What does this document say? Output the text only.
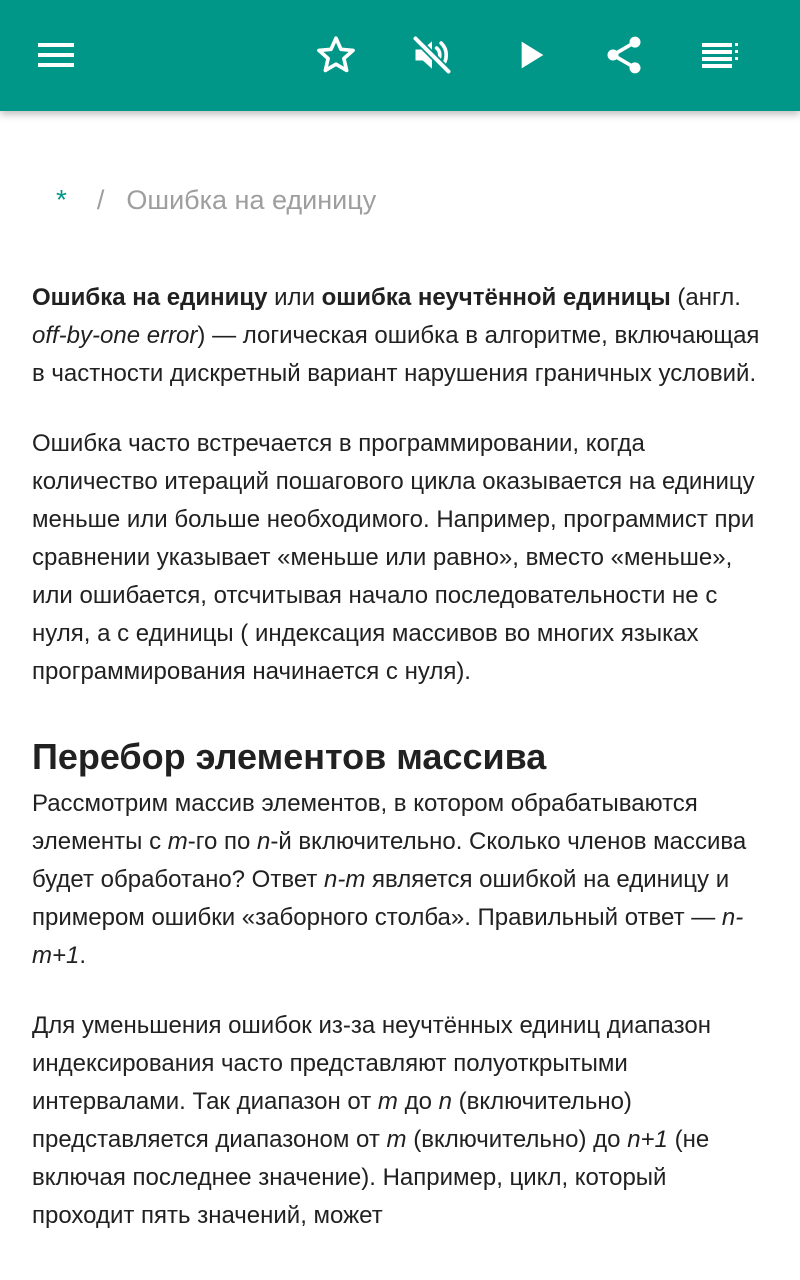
* / Ошибка на единицу

Ошибка на единицу или ошибка неучтённой единицы (англ. off-by-one error) — логическая ошибка в алгоритме, включающая в частности дискретный вариант нарушения граничных условий.

Ошибка часто встречается в программировании, когда количество итераций пошагового цикла оказывается на единицу меньше или больше необходимого. Например, программист при сравнении указывает «меньше или равно», вместо «меньше», или ошибается, отсчитывая начало последовательности не с нуля, а с единицы ( индексация массивов во многих языках программирования начинается с нуля).

Перебор элементов массива

Рассмотрим массив элементов, в котором обрабатываются элементы с m-го по n-й включительно. Сколько членов массива будет обработано? Ответ n-m является ошибкой на единицу и примером ошибки «заборного столба». Правильный ответ — n-m+1.

Для уменьшения ошибок из-за неучтённых единиц диапазон индексирования часто представляют полуоткрытыми интервалами. Так диапазон от m до n (включительно) представляется диапазоном от m (включительно) до n+1 (не включая последнее значение). Например, цикл, который проходит пять значений, может
